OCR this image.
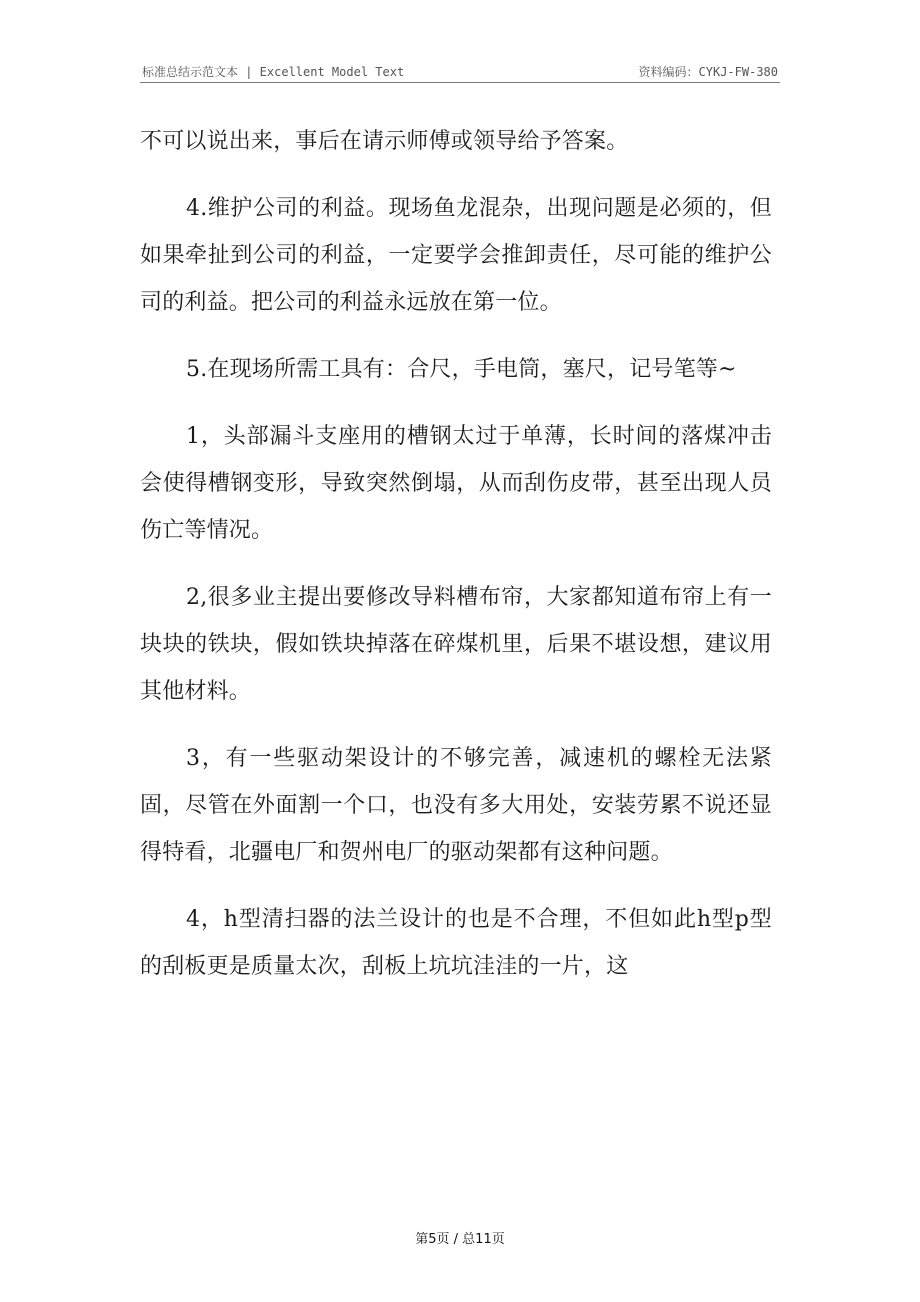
标准总结示范文本 | Excellent Model Text	资料编码：CYKJ-FW-380

不可以说出来，事后在请示师傅或领导给予答案。

4.维护公司的利益。现场鱼龙混杂，出现问题是必须的，但如果牵扯到公司的利益，一定要学会推卸责任，尽可能的维护公司的利益。把公司的利益永远放在第一位。

5.在现场所需工具有：合尺，手电筒，塞尺，记号笔等~

1，头部漏斗支座用的槽钢太过于单薄，长时间的落煤冲击会使得槽钢变形，导致突然倒塌，从而刮伤皮带，甚至出现人员伤亡等情况。

2,很多业主提出要修改导料槽布帘，大家都知道布帘上有一块块的铁块，假如铁块掉落在碎煤机里，后果不堪设想，建议用其他材料。

3，有一些驱动架设计的不够完善，减速机的螺栓无法紧固，尽管在外面割一个口，也没有多大用处，安装劳累不说还显得特看，北疆电厂和贺州电厂的驱动架都有这种问题。

4，h型清扫器的法兰设计的也是不合理，不但如此h型p型的刮板更是质量太次，刮板上坑坑洼洼的一片，这

第5页 / 总11页
